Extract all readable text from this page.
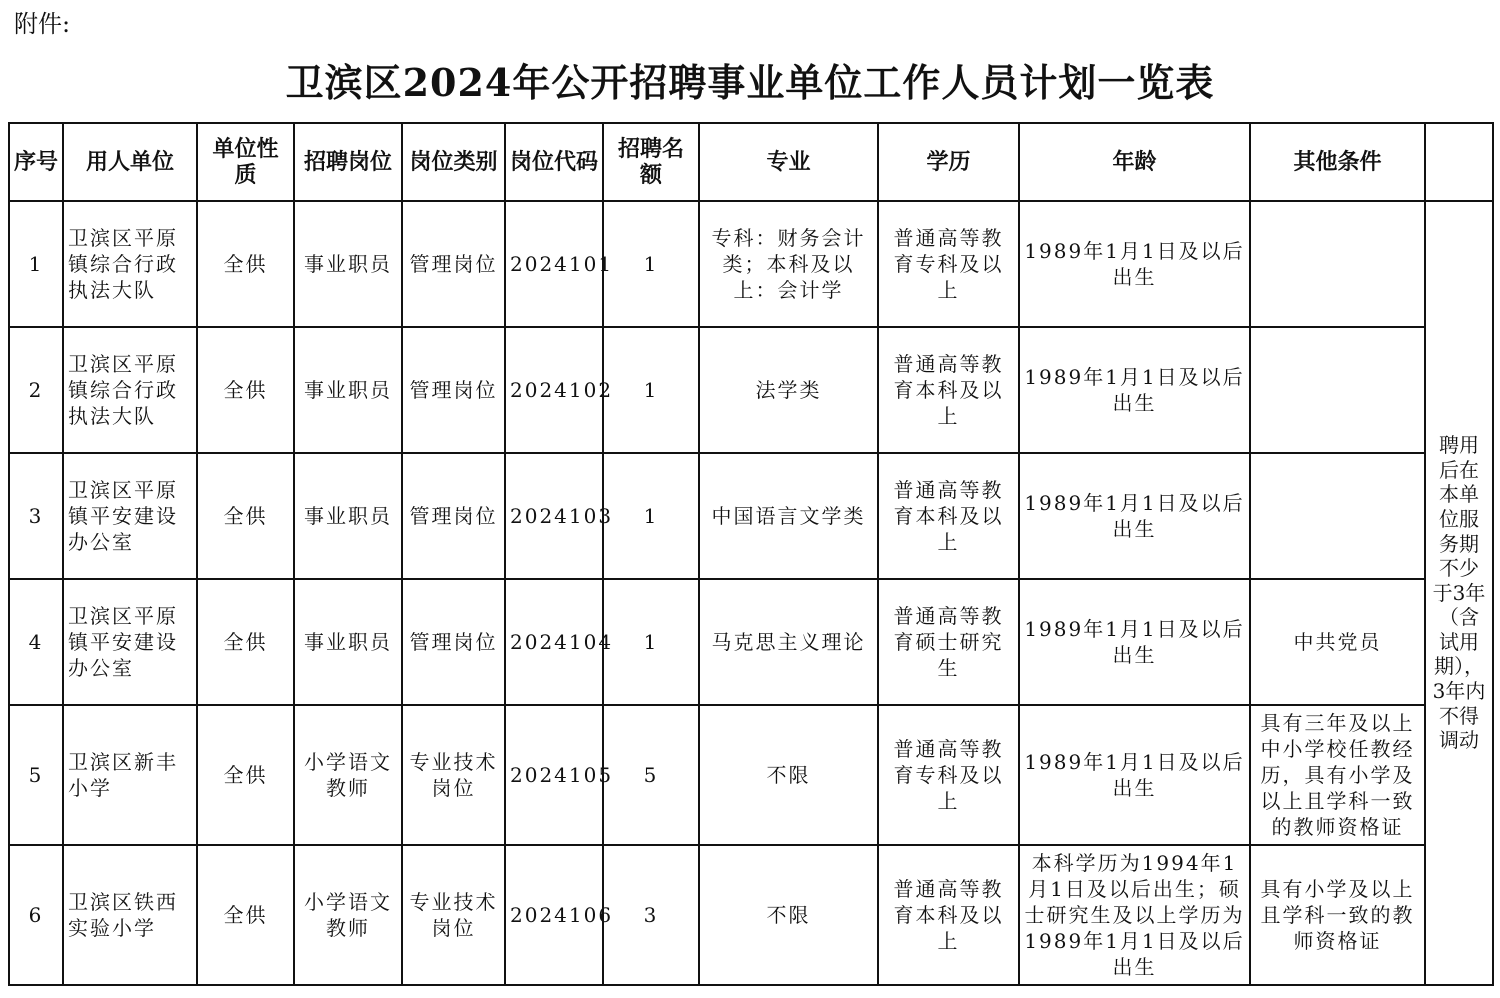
附件:
卫滨区2024年公开招聘事业单位工作人员计划一览表
序号	用人单位	单位性质	招聘岗位	岗位类别	岗位代码	招聘名额	专业	学历	年龄	其他条件	
1	卫滨区平原镇综合行政执法大队	全供	事业职员	管理岗位	2024101	1	专科：财务会计类；本科及以上：会计学	普通高等教育专科及以上	1989年1月1日及以后出生		聘用后在本单位服务期不少于3年（含试用期），3年内不得调动
2	卫滨区平原镇综合行政执法大队	全供	事业职员	管理岗位	2024102	1	法学类	普通高等教育本科及以上	1989年1月1日及以后出生		
3	卫滨区平原镇平安建设办公室	全供	事业职员	管理岗位	2024103	1	中国语言文学类	普通高等教育本科及以上	1989年1月1日及以后出生		
4	卫滨区平原镇平安建设办公室	全供	事业职员	管理岗位	2024104	1	马克思主义理论	普通高等教育硕士研究生	1989年1月1日及以后出生	中共党员	
5	卫滨区新丰小学	全供	小学语文教师	专业技术岗位	2024105	5	不限	普通高等教育专科及以上	1989年1月1日及以后出生	具有三年及以上中小学校任教经历，具有小学及以上且学科一致的教师资格证	
6	卫滨区铁西实验小学	全供	小学语文教师	专业技术岗位	2024106	3	不限	普通高等教育本科及以上	本科学历为1994年1月1日及以后出生；硕士研究生及以上学历为1989年1月1日及以后出生	具有小学及以上且学科一致的教师资格证	
